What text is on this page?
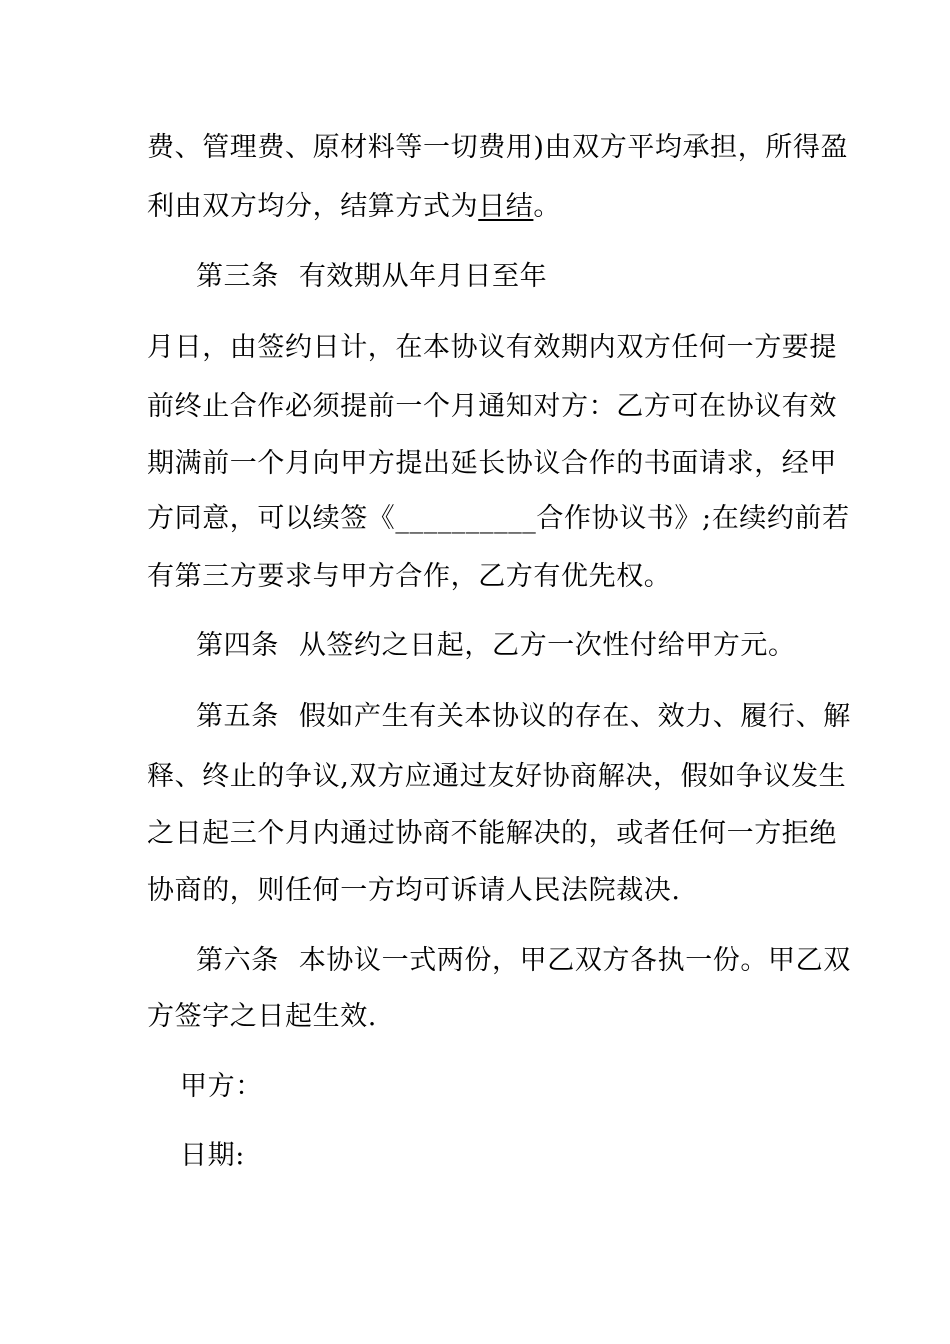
费、管理费、原材料等一切费用)由双方平均承担，所得盈
利由双方均分，结算方式为日结。
第三条 有效期从年月日至年
月日，由签约日计，在本协议有效期内双方任何一方要提
前终止合作必须提前一个月通知对方：乙方可在协议有效
期满前一个月向甲方提出延长协议合作的书面请求，经甲
方同意，可以续签《__________合作协议书》;在续约前若
有第三方要求与甲方合作，乙方有优先权。
第四条 从签约之日起，乙方一次性付给甲方元。
第五条 假如产生有关本协议的存在、效力、履行、解
释、终止的争议,双方应通过友好协商解决，假如争议发生
之日起三个月内通过协商不能解决的，或者任何一方拒绝
协商的，则任何一方均可诉请人民法院裁决.
第六条 本协议一式两份，甲乙双方各执一份。甲乙双
方签字之日起生效.
甲方：
日期:
